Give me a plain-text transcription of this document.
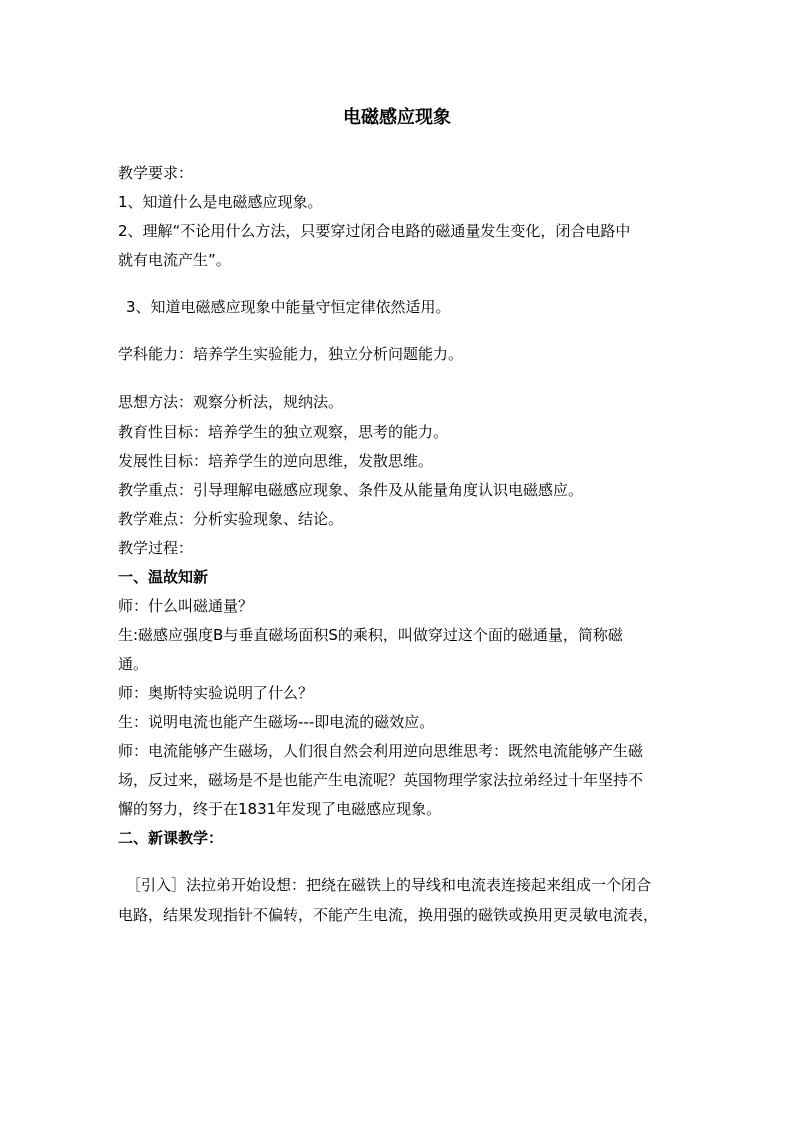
电磁感应现象
教学要求：
1、知道什么是电磁感应现象。
2、理解“不论用什么方法，只要穿过闭合电路的磁通量发生变化，闭合电路中
就有电流产生”。
3、知道电磁感应现象中能量守恒定律依然适用。
学科能力：培养学生实验能力，独立分析问题能力。
思想方法：观察分析法，规纳法。
教育性目标：培养学生的独立观察，思考的能力。
发展性目标：培养学生的逆向思维，发散思维。
教学重点：引导理解电磁感应现象、条件及从能量角度认识电磁感应。
教学难点：分析实验现象、结论。
教学过程：
一、温故知新
师：什么叫磁通量？
生:磁感应强度B与垂直磁场面积S的乘积，叫做穿过这个面的磁通量，简称磁
通。
师：奥斯特实验说明了什么？
生：说明电流也能产生磁场---即电流的磁效应。
师：电流能够产生磁场，人们很自然会利用逆向思维思考：既然电流能够产生磁
场，反过来，磁场是不是也能产生电流呢？英国物理学家法拉弟经过十年坚持不
懈的努力，终于在1831年发现了电磁感应现象。
二、新课教学：
［引入］法拉弟开始设想：把绕在磁铁上的导线和电流表连接起来组成一个闭合
电路，结果发现指针不偏转，不能产生电流，换用强的磁铁或换用更灵敏电流表，
